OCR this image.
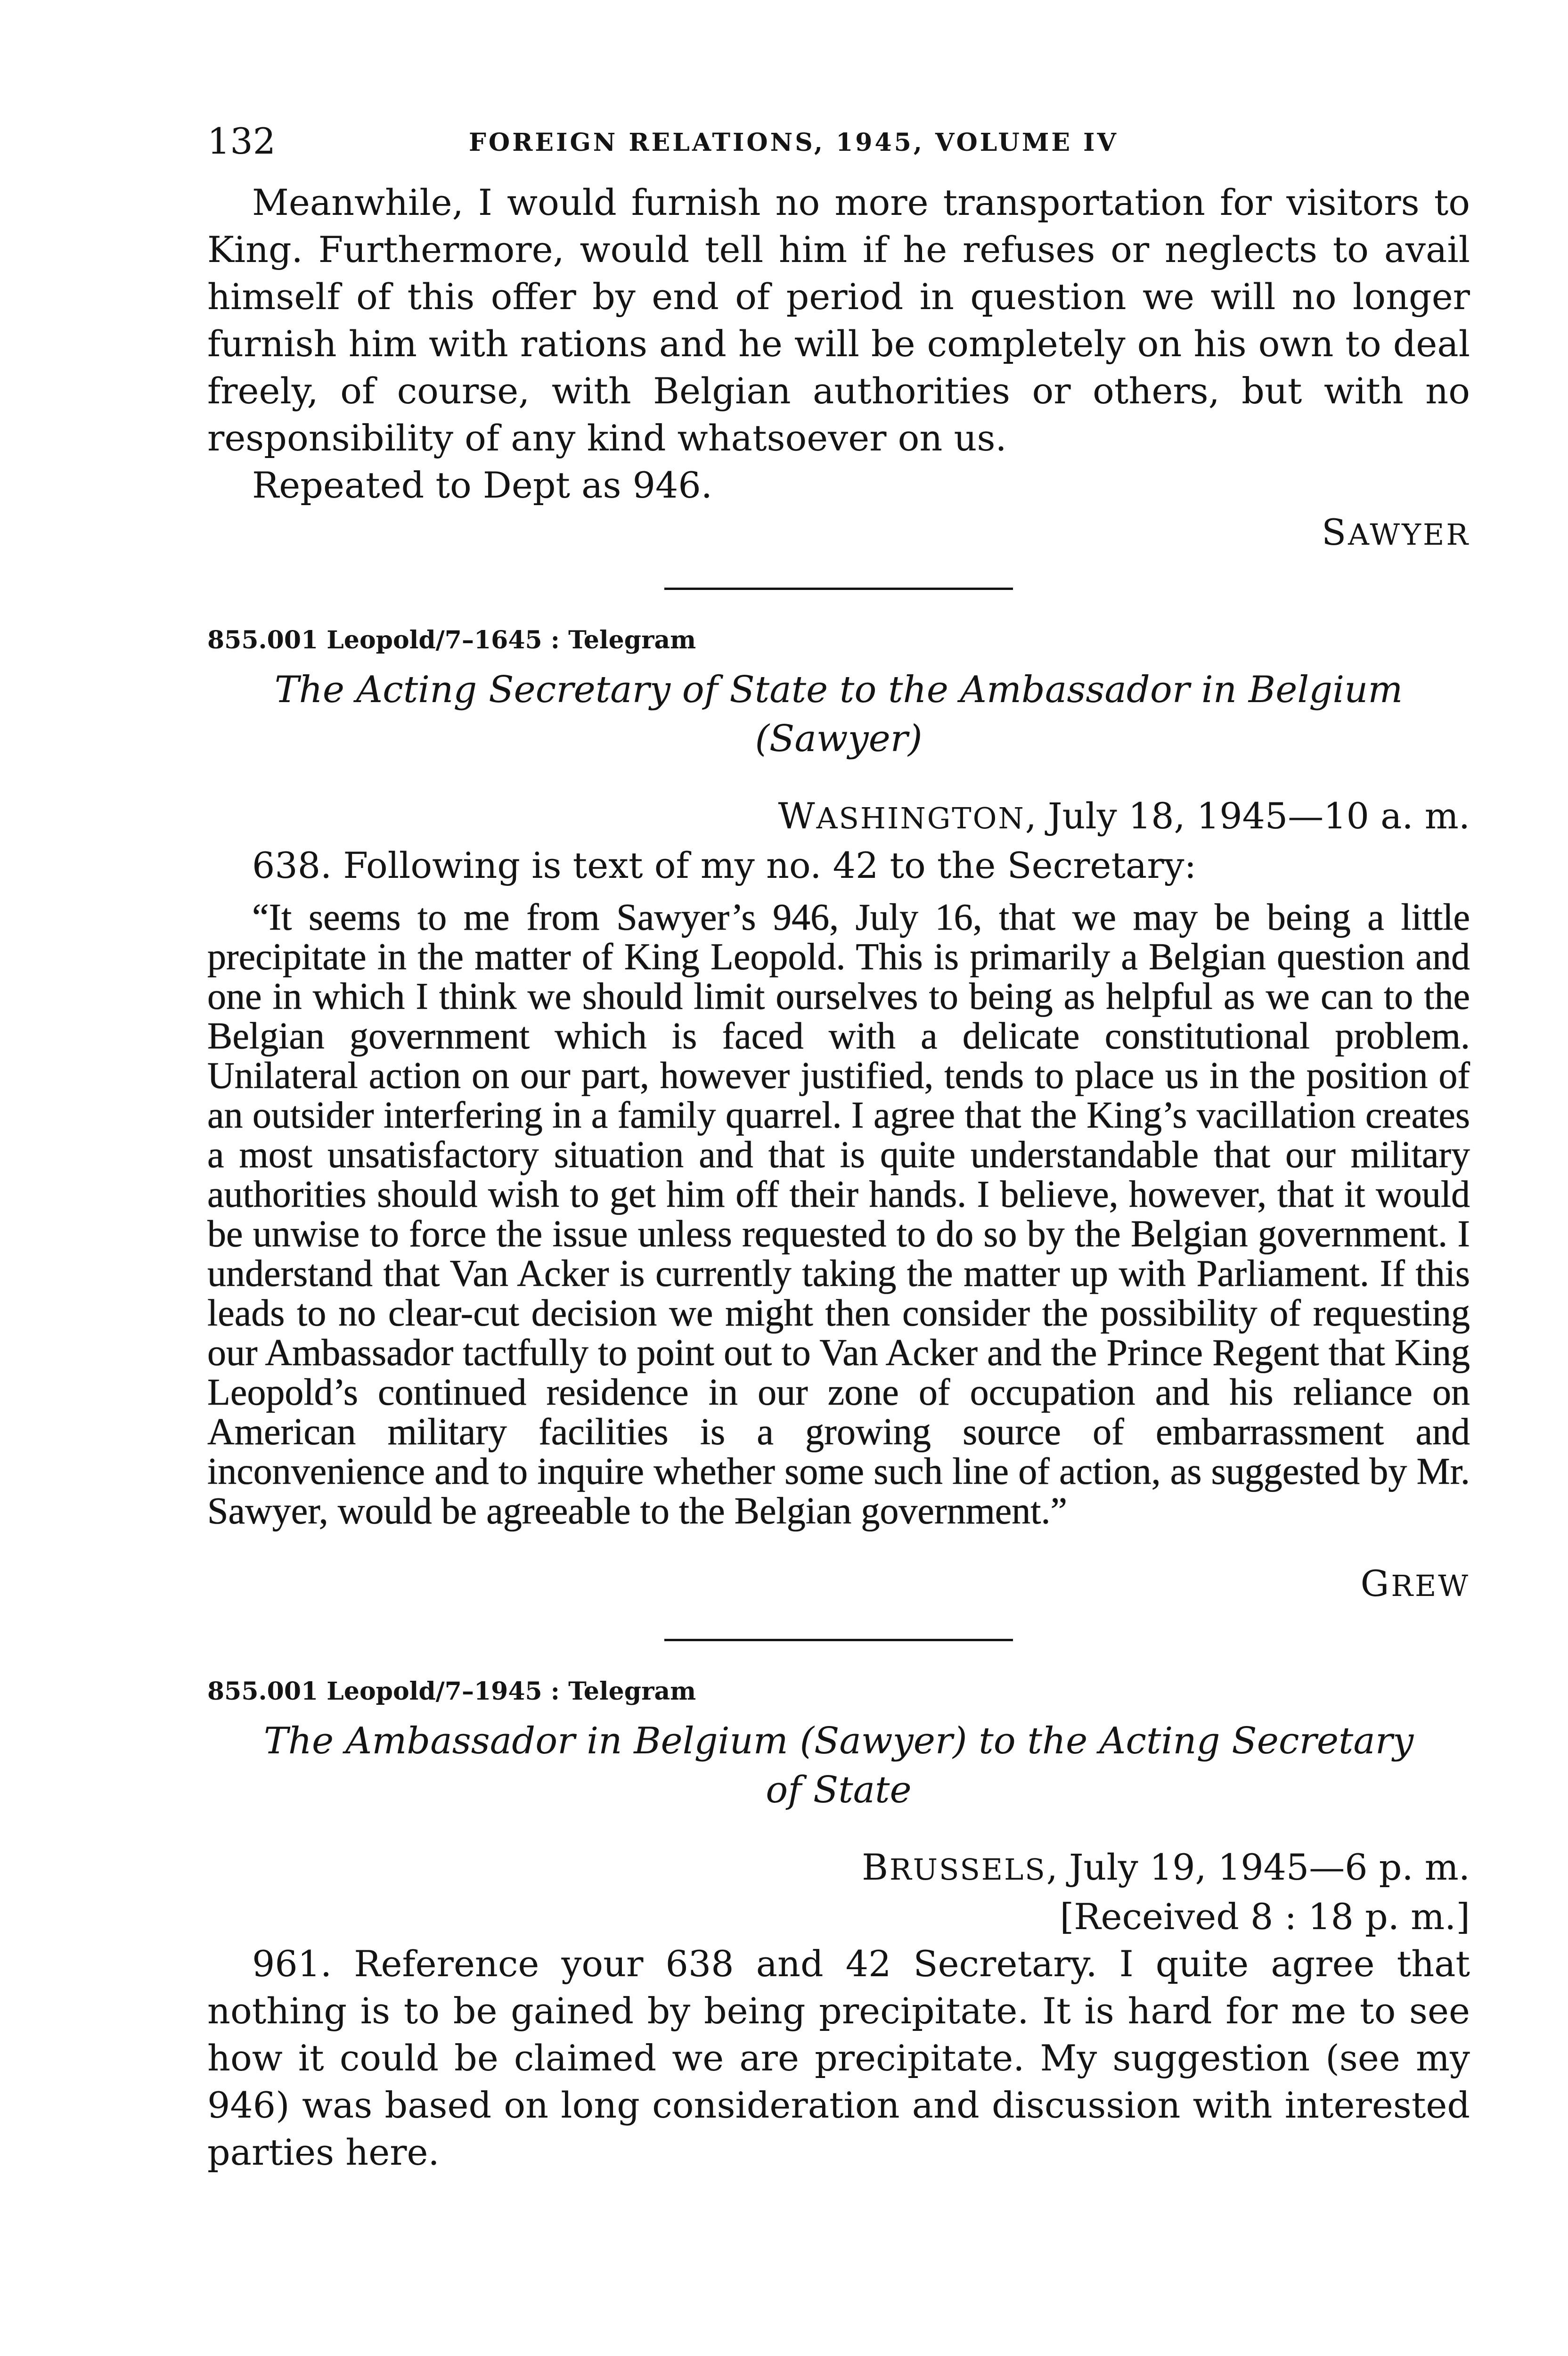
132	FOREIGN RELATIONS, 1945, VOLUME IV

Meanwhile, I would furnish no more transportation for visitors to King. Furthermore, would tell him if he refuses or neglects to avail himself of this offer by end of period in question we will no longer furnish him with rations and he will be completely on his own to deal freely, of course, with Belgian authorities or others, but with no responsibility of any kind whatsoever on us.

Repeated to Dept as 946.

SAWYER
855.001 Leopold/7–1645 : Telegram
The Acting Secretary of State to the Ambassador in Belgium
(Sawyer)
WASHINGTON, July 18, 1945—10 a. m.

638. Following is text of my no. 42 to the Secretary:

“It seems to me from Sawyer’s 946, July 16, that we may be being a little precipitate in the matter of King Leopold. This is primarily a Belgian question and one in which I think we should limit ourselves to being as helpful as we can to the Belgian government which is faced with a delicate constitutional problem. Unilateral action on our part, however justified, tends to place us in the position of an outsider interfering in a family quarrel. I agree that the King’s vacillation creates a most unsatisfactory situation and that is quite understandable that our military authorities should wish to get him off their hands. I believe, however, that it would be unwise to force the issue unless requested to do so by the Belgian government. I understand that Van Acker is currently taking the matter up with Parliament. If this leads to no clear-cut decision we might then consider the possibility of requesting our Ambassador tactfully to point out to Van Acker and the Prince Regent that King Leopold’s continued residence in our zone of occupation and his reliance on American military facilities is a growing source of embarrassment and inconvenience and to inquire whether some such line of action, as suggested by Mr. Sawyer, would be agreeable to the Belgian government.”

GREW
855.001 Leopold/7–1945 : Telegram
The Ambassador in Belgium (Sawyer) to the Acting Secretary
of State
BRUSSELS, July 19, 1945—6 p. m.
[Received 8 : 18 p. m.]

961. Reference your 638 and 42 Secretary. I quite agree that nothing is to be gained by being precipitate. It is hard for me to see how it could be claimed we are precipitate. My suggestion (see my 946) was based on long consideration and discussion with interested parties here.
